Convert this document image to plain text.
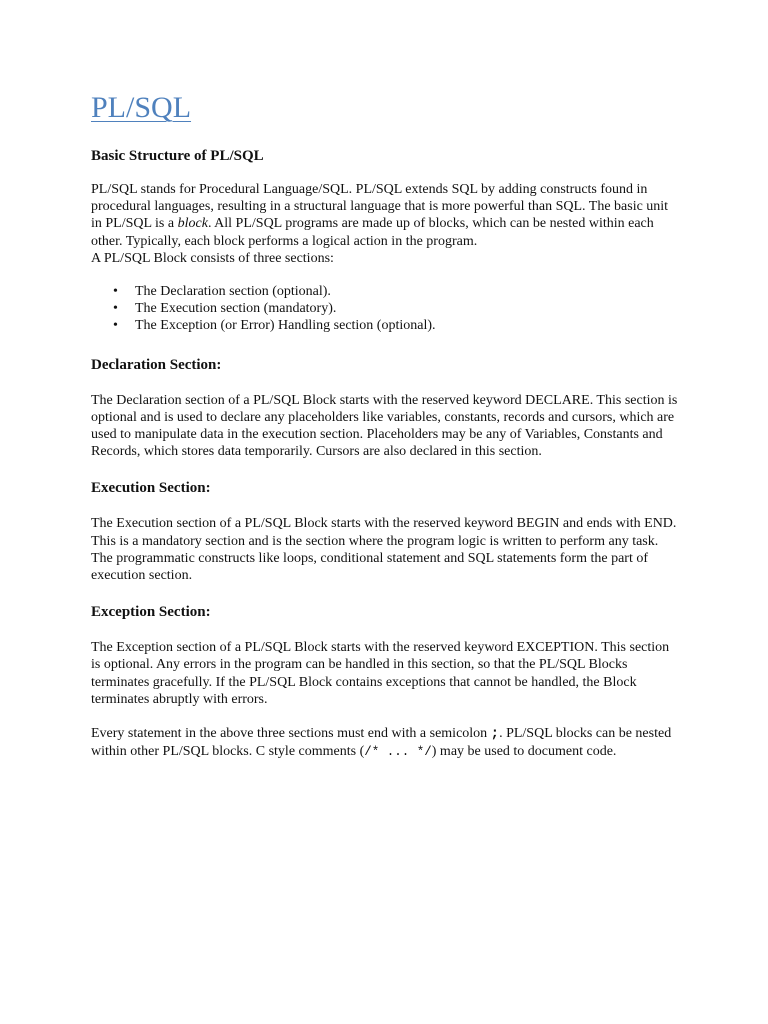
PL/SQL
Basic Structure of PL/SQL

PL/SQL stands for Procedural Language/SQL. PL/SQL extends SQL by adding constructs found in procedural languages, resulting in a structural language that is more powerful than SQL. The basic unit in PL/SQL is a block. All PL/SQL programs are made up of blocks, which can be nested within each other. Typically, each block performs a logical action in the program.
A PL/SQL Block consists of three sections:

• The Declaration section (optional).
• The Execution section (mandatory).
• The Exception (or Error) Handling section (optional).
Declaration Section:

The Declaration section of a PL/SQL Block starts with the reserved keyword DECLARE. This section is optional and is used to declare any placeholders like variables, constants, records and cursors, which are used to manipulate data in the execution section. Placeholders may be any of Variables, Constants and Records, which stores data temporarily. Cursors are also declared in this section.

Execution Section:

The Execution section of a PL/SQL Block starts with the reserved keyword BEGIN and ends with END. This is a mandatory section and is the section where the program logic is written to perform any task. The programmatic constructs like loops, conditional statement and SQL statements form the part of execution section.

Exception Section:

The Exception section of a PL/SQL Block starts with the reserved keyword EXCEPTION. This section is optional. Any errors in the program can be handled in this section, so that the PL/SQL Blocks terminates gracefully. If the PL/SQL Block contains exceptions that cannot be handled, the Block terminates abruptly with errors.

Every statement in the above three sections must end with a semicolon ;. PL/SQL blocks can be nested within other PL/SQL blocks. C style comments (/* ... */) may be used to document code.
